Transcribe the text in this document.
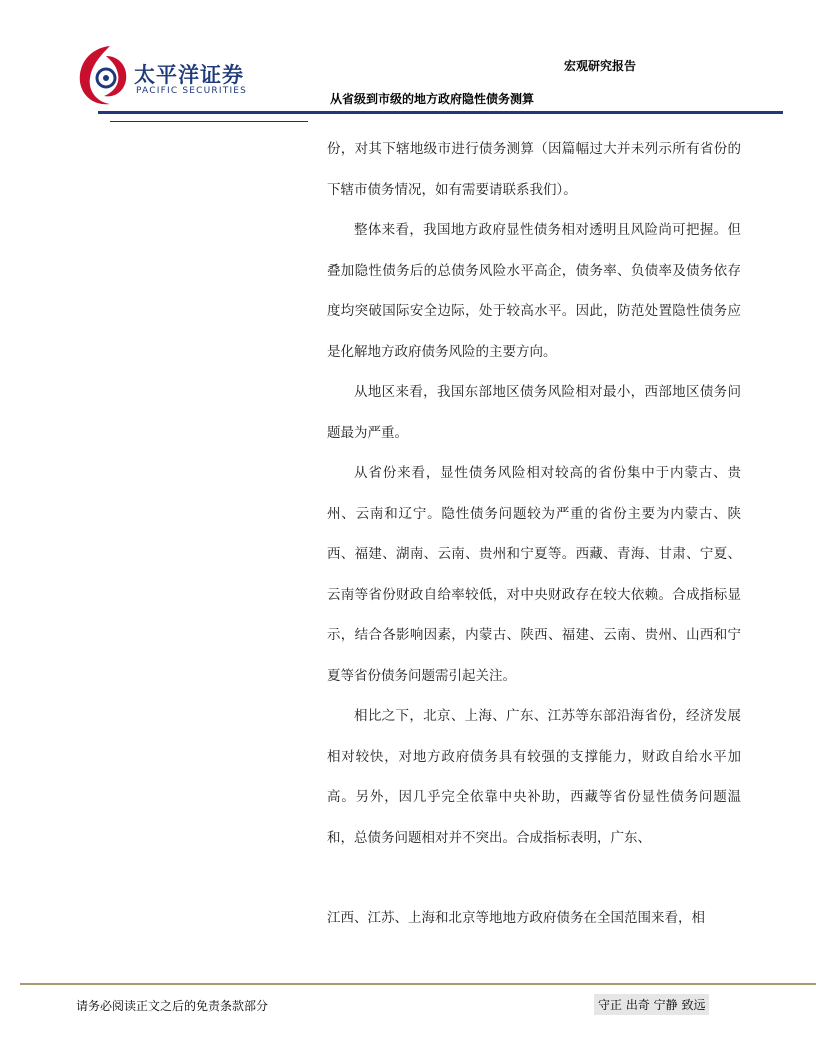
太平洋证券
PACIFIC SECURITIES
宏观研究报告
从省级到市级的地方政府隐性债务测算

份，对其下辖地级市进行债务测算（因篇幅过大并未列示所有省份的下辖市债务情况，如有需要请联系我们）。

整体来看，我国地方政府显性债务相对透明且风险尚可把握。但叠加隐性债务后的总债务风险水平高企，债务率、负债率及债务依存度均突破国际安全边际，处于较高水平。因此，防范处置隐性债务应是化解地方政府债务风险的主要方向。

从地区来看，我国东部地区债务风险相对最小，西部地区债务问题最为严重。

从省份来看，显性债务风险相对较高的省份集中于内蒙古、贵州、云南和辽宁。隐性债务问题较为严重的省份主要为内蒙古、陕西、福建、湖南、云南、贵州和宁夏等。西藏、青海、甘肃、宁夏、云南等省份财政自给率较低，对中央财政存在较大依赖。合成指标显示，结合各影响因素，内蒙古、陕西、福建、云南、贵州、山西和宁夏等省份债务问题需引起关注。

相比之下，北京、上海、广东、江苏等东部沿海省份，经济发展相对较快，对地方政府债务具有较强的支撑能力，财政自给水平加高。另外，因几乎完全依靠中央补助，西藏等省份显性债务问题温和，总债务问题相对并不突出。合成指标表明，广东、

江西、江苏、上海和北京等地地方政府债务在全国范围来看，相

请务必阅读正文之后的免责条款部分	守正 出奇 宁静 致远
